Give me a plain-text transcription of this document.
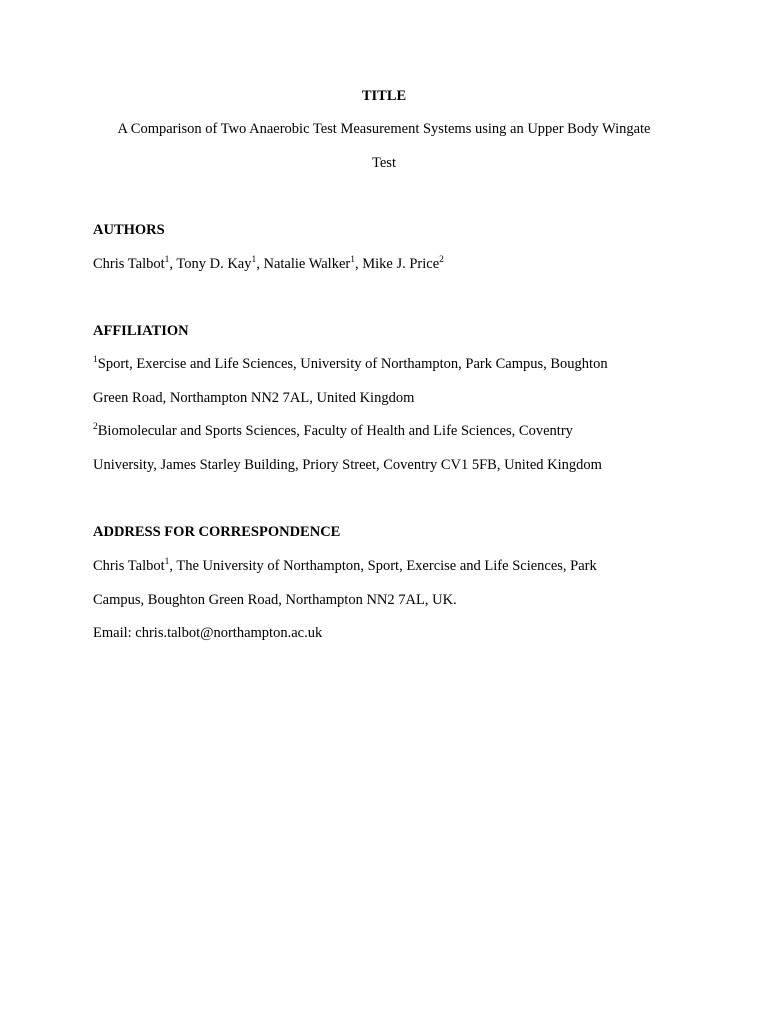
TITLE
A Comparison of Two Anaerobic Test Measurement Systems using an Upper Body Wingate
Test
AUTHORS
Chris Talbot$^1$, Tony D. Kay$^1$, Natalie Walker$^1$, Mike J. Price$^2$
AFFILIATION
$^1$Sport, Exercise and Life Sciences, University of Northampton, Park Campus, Boughton
Green Road, Northampton NN2 7AL, United Kingdom
$^2$Biomolecular and Sports Sciences, Faculty of Health and Life Sciences, Coventry
University, James Starley Building, Priory Street, Coventry CV1 5FB, United Kingdom
ADDRESS FOR CORRESPONDENCE
Chris Talbot$^1$, The University of Northampton, Sport, Exercise and Life Sciences, Park
Campus, Boughton Green Road, Northampton NN2 7AL, UK.
Email: chris.talbot@northampton.ac.uk
